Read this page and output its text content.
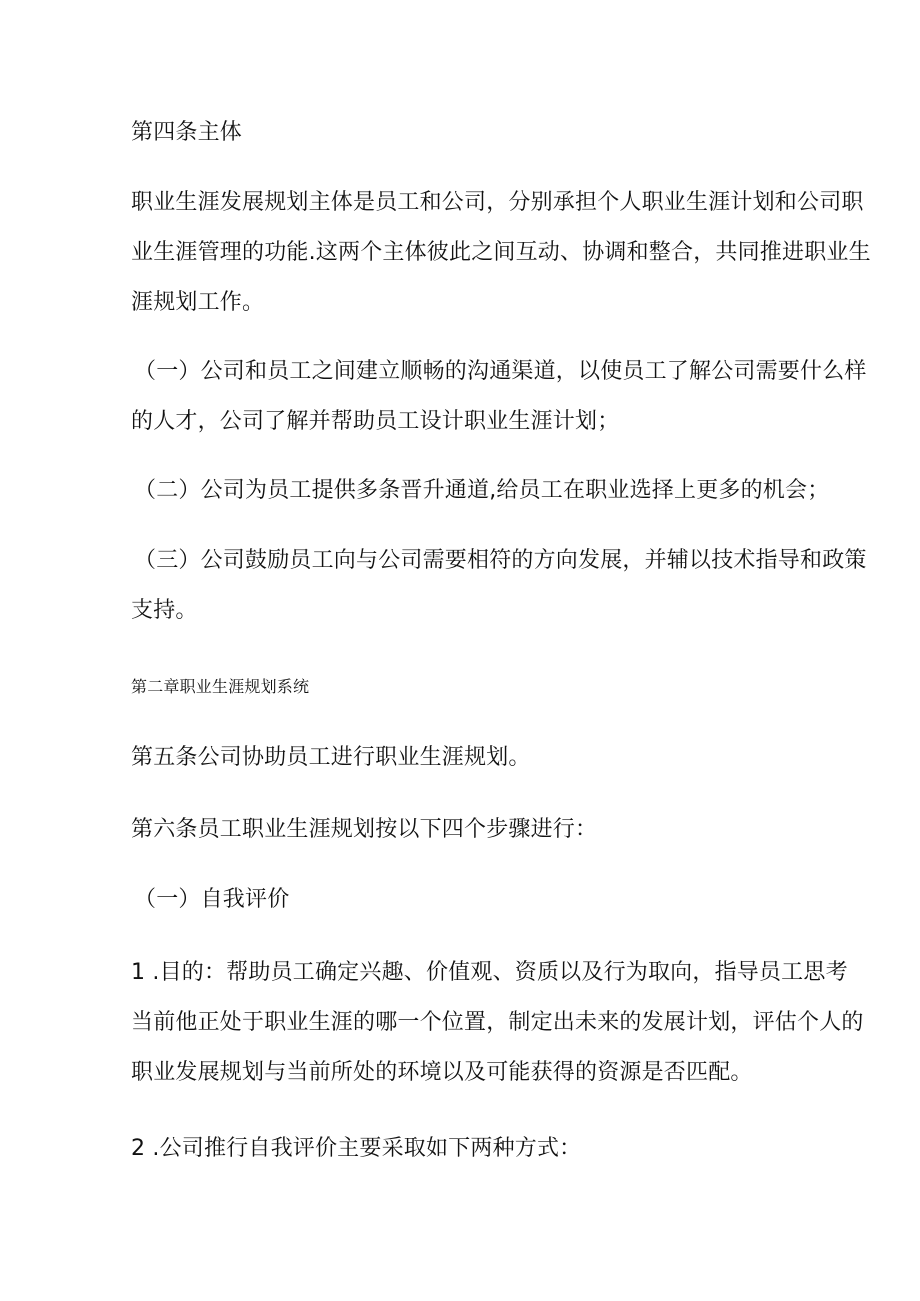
第四条主体
职业生涯发展规划主体是员工和公司，分别承担个人职业生涯计划和公司职
业生涯管理的功能.这两个主体彼此之间互动、协调和整合，共同推进职业生
涯规划工作。
（一）公司和员工之间建立顺畅的沟通渠道，以使员工了解公司需要什么样
的人才，公司了解并帮助员工设计职业生涯计划；
（二）公司为员工提供多条晋升通道,给员工在职业选择上更多的机会；
（三）公司鼓励员工向与公司需要相符的方向发展，并辅以技术指导和政策
支持。
第二章职业生涯规划系统
第五条公司协助员工进行职业生涯规划。
第六条员工职业生涯规划按以下四个步骤进行：
（一）自我评价
1 .目的：帮助员工确定兴趣、价值观、资质以及行为取向，指导员工思考
当前他正处于职业生涯的哪一个位置，制定出未来的发展计划，评估个人的
职业发展规划与当前所处的环境以及可能获得的资源是否匹配。
2 .公司推行自我评价主要采取如下两种方式：
